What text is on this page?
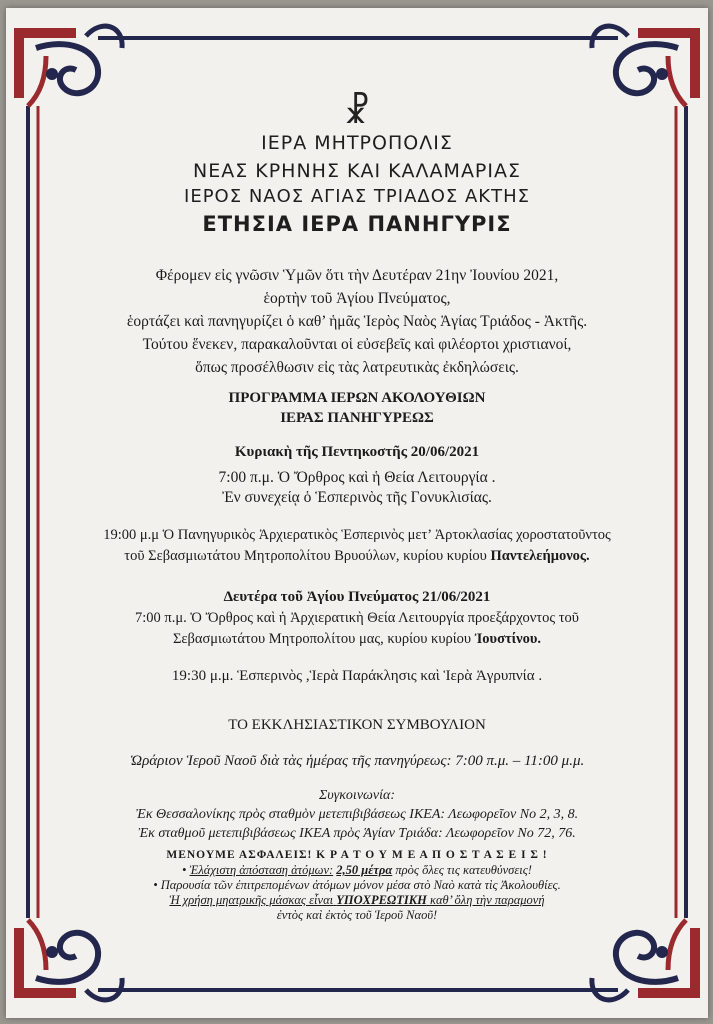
☧
ΙΕΡΑ ΜΗΤΡΟΠΟΛΙΣ
ΝΕΑΣ ΚΡΗΝΗΣ ΚΑΙ ΚΑΛΑΜΑΡΙΑΣ
ΙΕΡΟΣ ΝΑΟΣ ΑΓΙΑΣ ΤΡΙΑΔΟΣ ΑΚΤΗΣ
ΕΤΗΣΙΑ ΙΕΡΑ ΠΑΝΗΓΥΡΙΣ
Φέρομεν εἰς γνῶσιν Ὑμῶν ὅτι τὴν Δευτέραν 21ην Ἰουνίου 2021,
ἑορτὴν τοῦ Ἁγίου Πνεύματος,
ἑορτάζει καὶ πανηγυρίζει ὁ καθ’ ἡμᾶς Ἱερὸς Ναὸς Ἁγίας Τριάδος - Ἀκτῆς.
Τούτου ἕνεκεν, παρακαλοῦνται οἱ εὐσεβεῖς καὶ φιλέορτοι χριστιανοί,
ὅπως προσέλθωσιν εἰς τὰς λατρευτικὰς ἐκδηλώσεις.
ΠΡΟΓΡΑΜΜΑ ΙΕΡΩΝ ΑΚΟΛΟΥΘΙΩΝ
ΙΕΡΑΣ ΠΑΝΗΓΥΡΕΩΣ
Κυριακὴ τῆς Πεντηκοστῆς 20/06/2021
7:00 π.μ. Ὁ Ὄρθρος καὶ ἡ Θεία Λειτουργία .
Ἐν συνεχείᾳ ὁ Ἑσπερινὸς τῆς Γονυκλισίας.
19:00 μ.μ Ὁ Πανηγυρικὸς Ἀρχιερατικὸς Ἑσπερινὸς μετ’ Ἀρτοκλασίας χοροστατοῦντος
τοῦ Σεβασμιωτάτου Μητροπολίτου Βρυούλων, κυρίου κυρίου Παντελεήμονος.
Δευτέρα τοῦ Ἁγίου Πνεύματος 21/06/2021
7:00 π.μ. Ὁ Ὄρθρος καὶ ἡ Ἀρχιερατικὴ Θεία Λειτουργία προεξάρχοντος τοῦ
Σεβασμιωτάτου Μητροπολίτου μας, κυρίου κυρίου Ἰουστίνου.
19:30 μ.μ. Ἑσπερινὸς ,Ἱερὰ Παράκλησις καὶ Ἱερὰ Ἀγρυπνία .
ΤΟ ΕΚΚΛΗΣΙΑΣΤΙΚΟΝ ΣΥΜΒΟΥΛΙΟΝ
Ὡράριον Ἱεροῦ Ναοῦ διὰ τὰς ἡμέρας τῆς πανηγύρεως: 7:00 π.μ. – 11:00 μ.μ.
Συγκοινωνία:
Ἐκ Θεσσαλονίκης πρὸς σταθμὸν μετεπιβιβάσεως ΙΚΕΑ: Λεωφορεῖον Νο 2, 3, 8.
Ἐκ σταθμοῦ μετεπιβιβάσεως ΙΚΕΑ πρὸς Ἁγίαν Τριάδα: Λεωφορεῖον Νο 72, 76.
ΜΕΝΟΥΜΕ ΑΣΦΑΛΕΙΣ! Κ Ρ Α Τ Ο Υ Μ Ε Α Π Ο Σ Τ Α Σ Ε Ι Σ !
• Ἐλάχιστη ἀπόσταση ἀτόμων: 2,50 μέτρα πρὸς ὅλες τις κατευθύνσεις!
• Παρουσία τῶν ἐπιτρεπομένων ἀτόμων μόνον μέσα στὸ Ναὸ κατὰ τὶς Ἀκολουθίες.
Ἡ χρήση μηατρικῆς μάσκας εἶναι ΥΠΟΧΡΕΩΤΙΚΗ καθ’ ὅλη τὴν παραμονή
ἐντὸς καὶ ἐκτὸς τοῦ Ἱεροῦ Ναοῦ!
